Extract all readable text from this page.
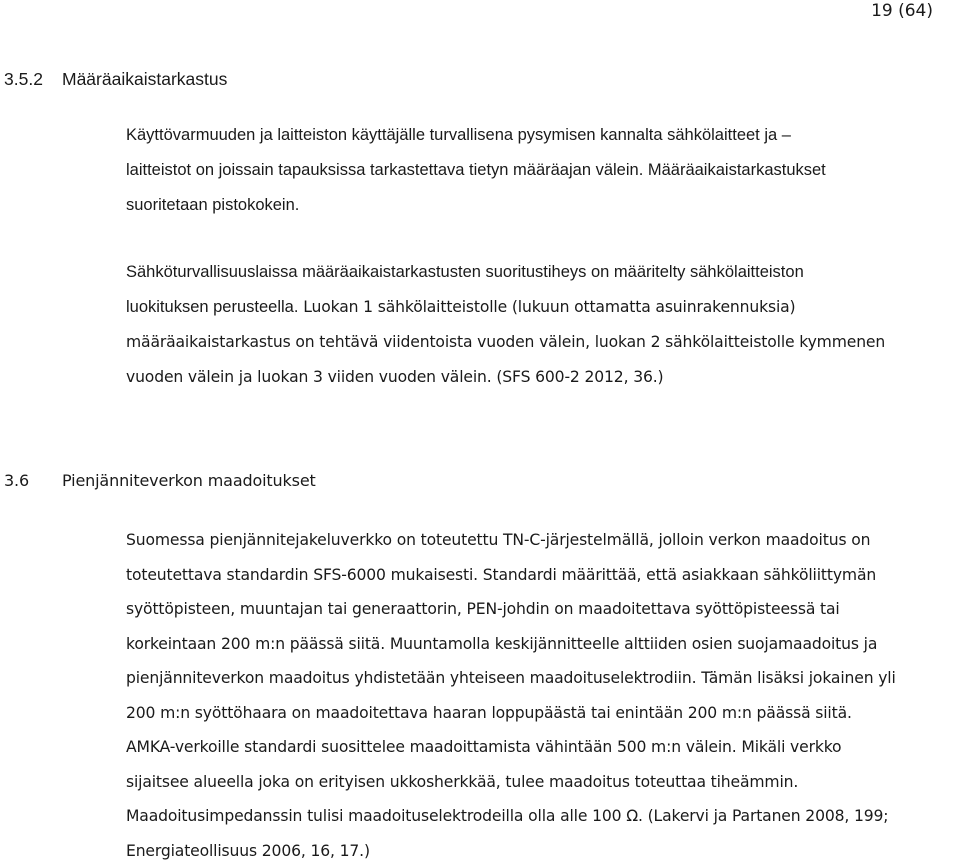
19 (64)
3.5.2 Määräaikaistarkastus
Käyttövarmuuden ja laitteiston käyttäjälle turvallisena pysymisen kannalta sähkölaitteet ja –
laitteistot on joissain tapauksissa tarkastettava tietyn määräajan välein. Määräaikaistarkastukset
suoritetaan pistokokein.
Sähköturvallisuuslaissa määräaikaistarkastusten suoritustiheys on määritelty sähkölaitteiston
luokituksen perusteella. Luokan 1 sähkölaitteistolle (lukuun ottamatta asuinrakennuksia)
määräaikaistarkastus on tehtävä viidentoista vuoden välein, luokan 2 sähkölaitteistolle kymmenen
vuoden välein ja luokan 3 viiden vuoden välein. (SFS 600-2 2012, 36.)
3.6 Pienjänniteverkon maadoitukset
Suomessa pienjännitejakeluverkko on toteutettu TN-C-järjestelmällä, jolloin verkon maadoitus on
toteutettava standardin SFS-6000 mukaisesti. Standardi määrittää, että asiakkaan sähköliittymän
syöttöpisteen, muuntajan tai generaattorin, PEN-johdin on maadoitettava syöttöpisteessä tai
korkeintaan 200 m:n päässä siitä. Muuntamolla keskijännitteelle alttiiden osien suojamaadoitus ja
pienjänniteverkon maadoitus yhdistetään yhteiseen maadoituselektrodiin. Tämän lisäksi jokainen yli
200 m:n syöttöhaara on maadoitettava haaran loppupäästä tai enintään 200 m:n päässä siitä.
AMKA-verkoille standardi suosittelee maadoittamista vähintään 500 m:n välein. Mikäli verkko
sijaitsee alueella joka on erityisen ukkosherkkää, tulee maadoitus toteuttaa tiheämmin.
Maadoitusimpedanssin tulisi maadoituselektrodeilla olla alle 100 Ω. (Lakervi ja Partanen 2008, 199;
Energiateollisuus 2006, 16, 17.)
